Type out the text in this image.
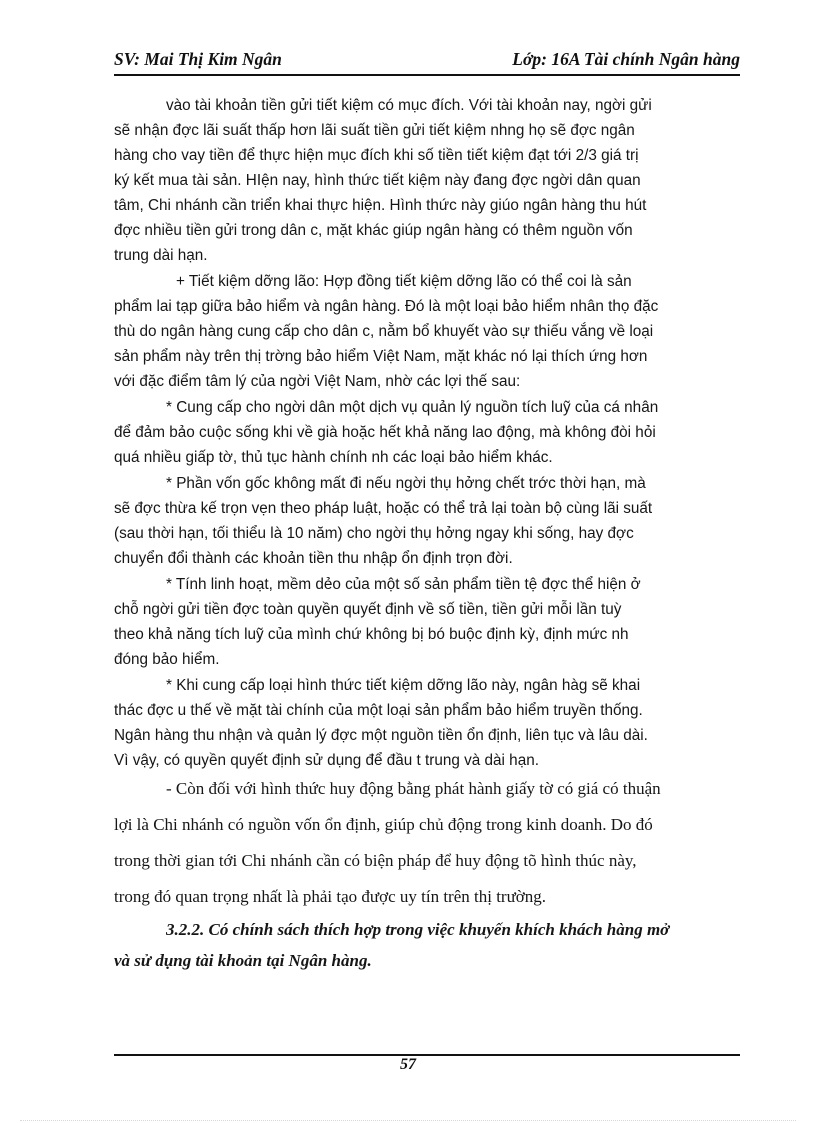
SV: Mai Thị Kim Ngân	Lớp: 16A Tài chính Ngân hàng
vào tài khoản tiền gửi tiết kiệm có mục đích. Với tài khoản nay, ngời gửi
sẽ nhận đợc lãi suất thấp hơn lãi suất tiền gửi tiết kiệm nhng họ sẽ đợc ngân
hàng cho vay tiền để thực hiện mục đích khi số tiền tiết kiệm đạt tới 2/3 giá trị
ký kết mua tài sản. HIện nay, hình thức tiết kiệm này đang đợc ngời dân quan
tâm, Chi nhánh cần triển khai thực hiện. Hình thức này giúo ngân hàng thu hút
đợc nhiều tiền gửi trong dân c, mặt khác giúp ngân hàng có thêm nguồn vốn
trung dài hạn.
+ Tiết kiệm dỡng lão: Hợp đồng tiết kiệm dỡng lão có thể coi là sản
phẩm lai tạp giữa bảo hiểm và ngân hàng. Đó là một loại bảo hiểm nhân thọ đặc
thù do ngân hàng cung cấp cho dân c, nằm bổ khuyết vào sự thiếu vắng về loại
sản phẩm này trên thị trờng bảo hiểm Việt Nam, mặt khác nó lại thích ứng hơn
với đặc điểm tâm lý của ngời Việt Nam, nhờ các lợi thế sau:
* Cung cấp cho ngời dân một dịch vụ quản lý nguồn tích luỹ của cá nhân
để đảm bảo cuộc sống khi về già hoặc hết khả năng lao động, mà không đòi hỏi
quá nhiều giấp tờ, thủ tục hành chính nh các loại bảo hiểm khác.
* Phần vốn gốc không mất đi nếu ngời thụ hởng chết trớc thời hạn, mà
sẽ đợc thừa kế trọn vẹn theo pháp luật, hoặc có thể trả lại toàn bộ cùng lãi suất
(sau thời hạn, tối thiểu là 10 năm) cho ngời thụ hởng ngay khi sống, hay đợc
chuyển đổi thành các khoản tiền thu nhập ổn định trọn đời.
* Tính linh hoạt, mềm dẻo của một số sản phẩm tiền tệ đợc thể hiện ở
chỗ ngời gửi tiền đợc toàn quyền quyết định về số tiền, tiền gửi mỗi lần tuỳ
theo khả năng tích luỹ của mình chứ không bị bó buộc định kỳ, định mức nh
đóng bảo hiểm.
* Khi cung cấp loại hình thức tiết kiệm dỡng lão này, ngân hàg sẽ khai
thác đợc u thế về mặt tài chính của một loại sản phẩm bảo hiểm truyền thống.
Ngân hàng thu nhận và quản lý đợc một nguồn tiền ổn định, liên tục và lâu dài.
Vì vậy, có quyền quyết định sử dụng để đầu t trung và dài hạn.
- Còn đối với hình thức huy động bằng phát hành giấy tờ có giá có thuận
lợi là Chi nhánh có nguồn vốn ổn định, giúp chủ động trong kinh doanh. Do đó
trong thời gian tới Chi nhánh cần có biện pháp để huy động tõ hình thúc này,
trong đó quan trọng nhất là phải tạo được uy tín trên thị trường.
3.2.2. Có chính sách thích hợp trong việc khuyến khích khách hàng mở
và sử dụng tài khoản tại Ngân hàng.
57
